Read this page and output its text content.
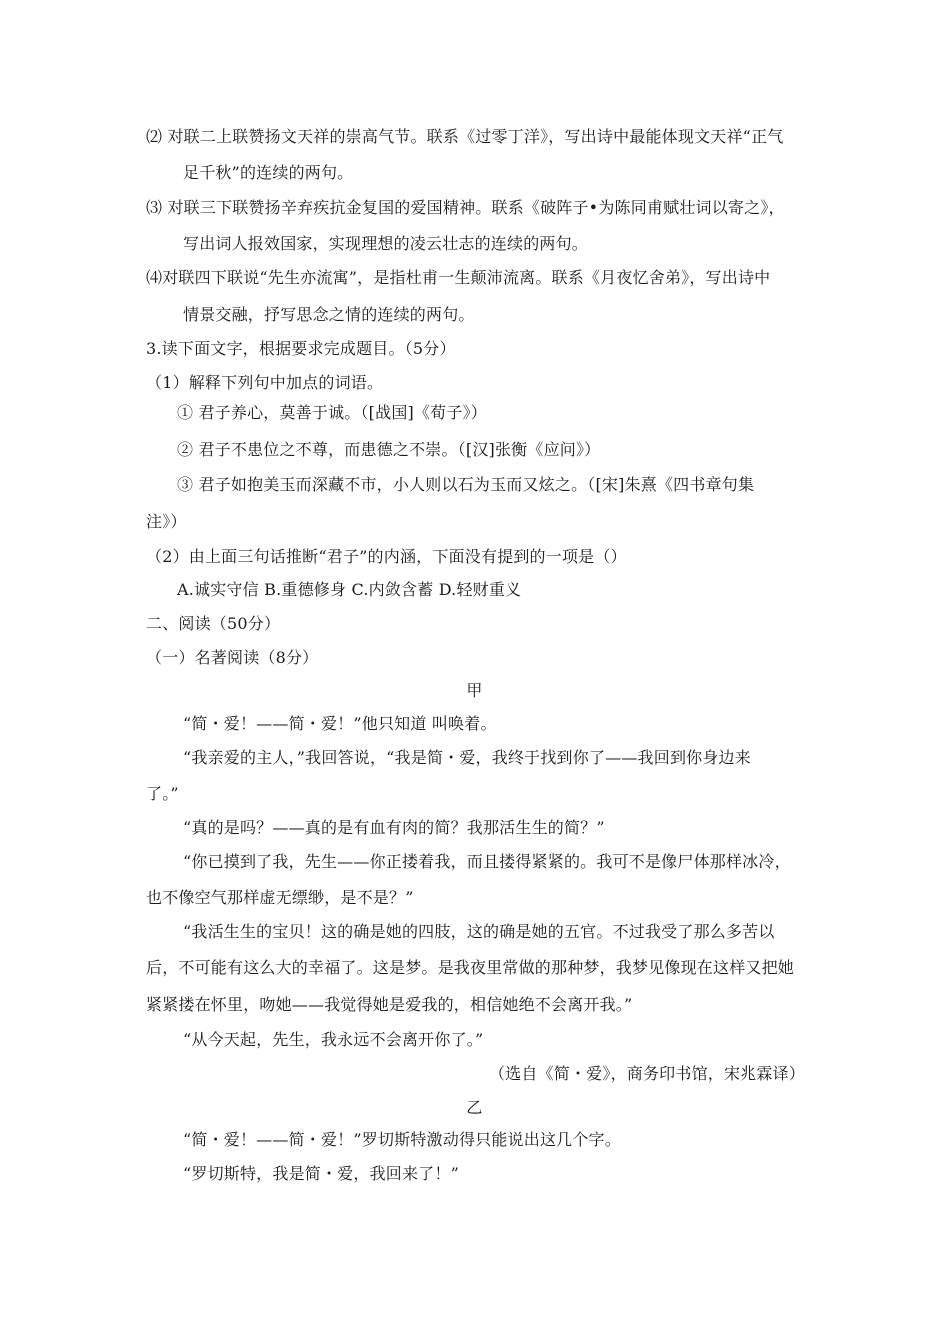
⑵ 对联二上联赞扬文天祥的崇高气节。联系《过零丁洋》，写出诗中最能体现文天祥“正气
足千秋”的连续的两句。
⑶ 对联三下联赞扬辛弃疾抗金复国的爱国精神。联系《破阵子•为陈同甫赋壮词以寄之》，
写出词人报效国家，实现理想的凌云壮志的连续的两句。
⑷对联四下联说“先生亦流寓”，是指杜甫一生颠沛流离。联系《月夜忆舍弟》，写出诗中
情景交融，抒写思念之情的连续的两句。
3.读下面文字，根据要求完成题目。（5分）
（1）解释下列句中加点的词语。
① 君子养心，莫善于诚。（[战国]《荀子》）
② 君子不患位之不尊，而患德之不崇。（[汉]张衡《应问》）
③ 君子如抱美玉而深藏不市，小人则以石为玉而又炫之。（[宋]朱熹《四书章句集
注》）
（2）由上面三句话推断“君子”的内涵，下面没有提到的一项是（）
A.诚实守信 B.重德修身 C.内敛含蓄 D.轻财重义
二、阅读（50分）
（一）名著阅读（8分）
甲
“简・爱！——简・爱！”他只知道 叫唤着。
“我亲爱的主人，”我回答说，“我是简・爱，我终于找到你了——我回到你身边来
了。”
“真的是吗？——真的是有血有肉的简？我那活生生的简？”
“你已摸到了我，先生——你正搂着我，而且搂得紧紧的。我可不是像尸体那样冰冷，
也不像空气那样虚无缥缈，是不是？”
“我活生生的宝贝！这的确是她的四肢，这的确是她的五官。不过我受了那么多苦以
后，不可能有这么大的幸福了。这是梦。是我夜里常做的那种梦，我梦见像现在这样又把她
紧紧搂在怀里，吻她——我觉得她是爱我的，相信她绝不会离开我。”
“从今天起，先生，我永远不会离开你了。”
（选自《简・爱》，商务印书馆，宋兆霖译）
乙
“简・爱！——简・爱！”罗切斯特激动得只能说出这几个字。
“罗切斯特，我是简・爱，我回来了！”
